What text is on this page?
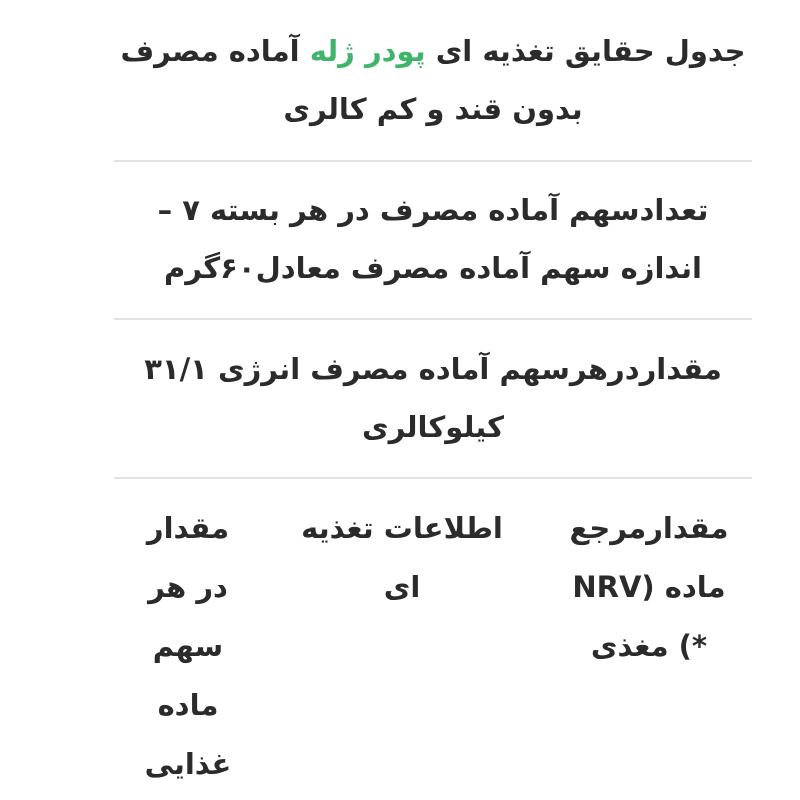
جدول حقایق تغذیه ای پودر ژله آماده مصرف بدون قند و کم کالری
تعدادسهم آماده مصرف در هر بسته ۷ – اندازه سهم آماده مصرف معادل۶۰گرم
مقداردرهرسهم آماده مصرف انرژی ۳۱/۱ کیلوکالری
مقدارمرجع ماده (NRV *) مغذی
اطلاعات تغذیه ای
مقدار در هر سهم ماده غذایی
